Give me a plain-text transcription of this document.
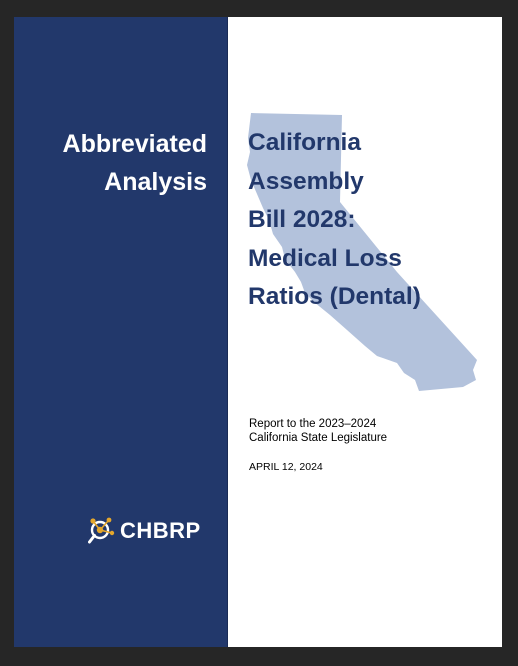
Abbreviated
Analysis
CHBRP
California
Assembly
Bill 2028:
Medical Loss
Ratios (Dental)
Report to the 2023–2024
California State Legislature
APRIL 12, 2024
